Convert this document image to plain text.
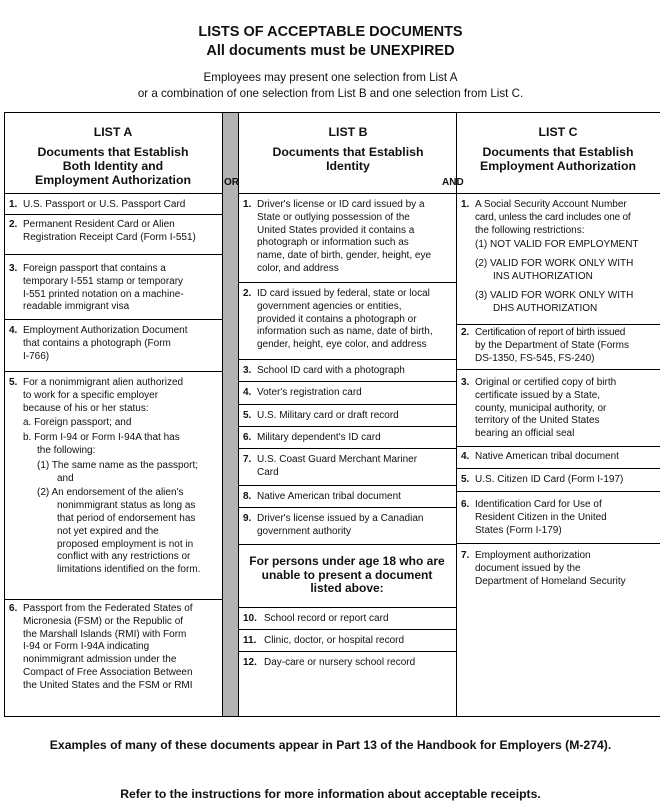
LISTS OF ACCEPTABLE DOCUMENTS
All documents must be UNEXPIRED
Employees may present one selection from List A
or a combination of one selection from List B and one selection from List C.
LIST A
Documents that Establish
Both Identity and
Employment Authorization
LIST B
Documents that Establish
Identity
LIST C
Documents that Establish
Employment Authorization
OR	AND
1. U.S. Passport or U.S. Passport Card
2. Permanent Resident Card or Alien
Registration Receipt Card (Form I-551)
3. Foreign passport that contains a
temporary I-551 stamp or temporary
I-551 printed notation on a machine-
readable immigrant visa
4. Employment Authorization Document
that contains a photograph (Form
I-766)
5. For a nonimmigrant alien authorized
to work for a specific employer
because of his or her status:
a. Foreign passport; and
b. Form I-94 or Form I-94A that has
the following:
(1) The same name as the passport;
and
(2) An endorsement of the alien's
nonimmigrant status as long as
that period of endorsement has
not yet expired and the
proposed employment is not in
conflict with any restrictions or
limitations identified on the form.
6. Passport from the Federated States of
Micronesia (FSM) or the Republic of
the Marshall Islands (RMI) with Form
I-94 or Form I-94A indicating
nonimmigrant admission under the
Compact of Free Association Between
the United States and the FSM or RMI
1. Driver's license or ID card issued by a
State or outlying possession of the
United States provided it contains a
photograph or information such as
name, date of birth, gender, height, eye
color, and address
2. ID card issued by federal, state or local
government agencies or entities,
provided it contains a photograph or
information such as name, date of birth,
gender, height, eye color, and address
3. School ID card with a photograph
4. Voter's registration card
5. U.S. Military card or draft record
6. Military dependent's ID card
7. U.S. Coast Guard Merchant Mariner
Card
8. Native American tribal document
9. Driver's license issued by a Canadian
government authority
For persons under age 18 who are
unable to present a document
listed above:
10. School record or report card
11. Clinic, doctor, or hospital record
12. Day-care or nursery school record
1. A Social Security Account Number
card, unless the card includes one of
the following restrictions:
(1) NOT VALID FOR EMPLOYMENT
(2) VALID FOR WORK ONLY WITH
INS AUTHORIZATION
(3) VALID FOR WORK ONLY WITH
DHS AUTHORIZATION
2. Certification of report of birth issued
by the Department of State (Forms
DS-1350, FS-545, FS-240)
3. Original or certified copy of birth
certificate issued by a State,
county, municipal authority, or
territory of the United States
bearing an official seal
4. Native American tribal document
5. U.S. Citizen ID Card (Form I-197)
6. Identification Card for Use of
Resident Citizen in the United
States (Form I-179)
7. Employment authorization
document issued by the
Department of Homeland Security
Examples of many of these documents appear in Part 13 of the Handbook for Employers (M-274).
Refer to the instructions for more information about acceptable receipts.
